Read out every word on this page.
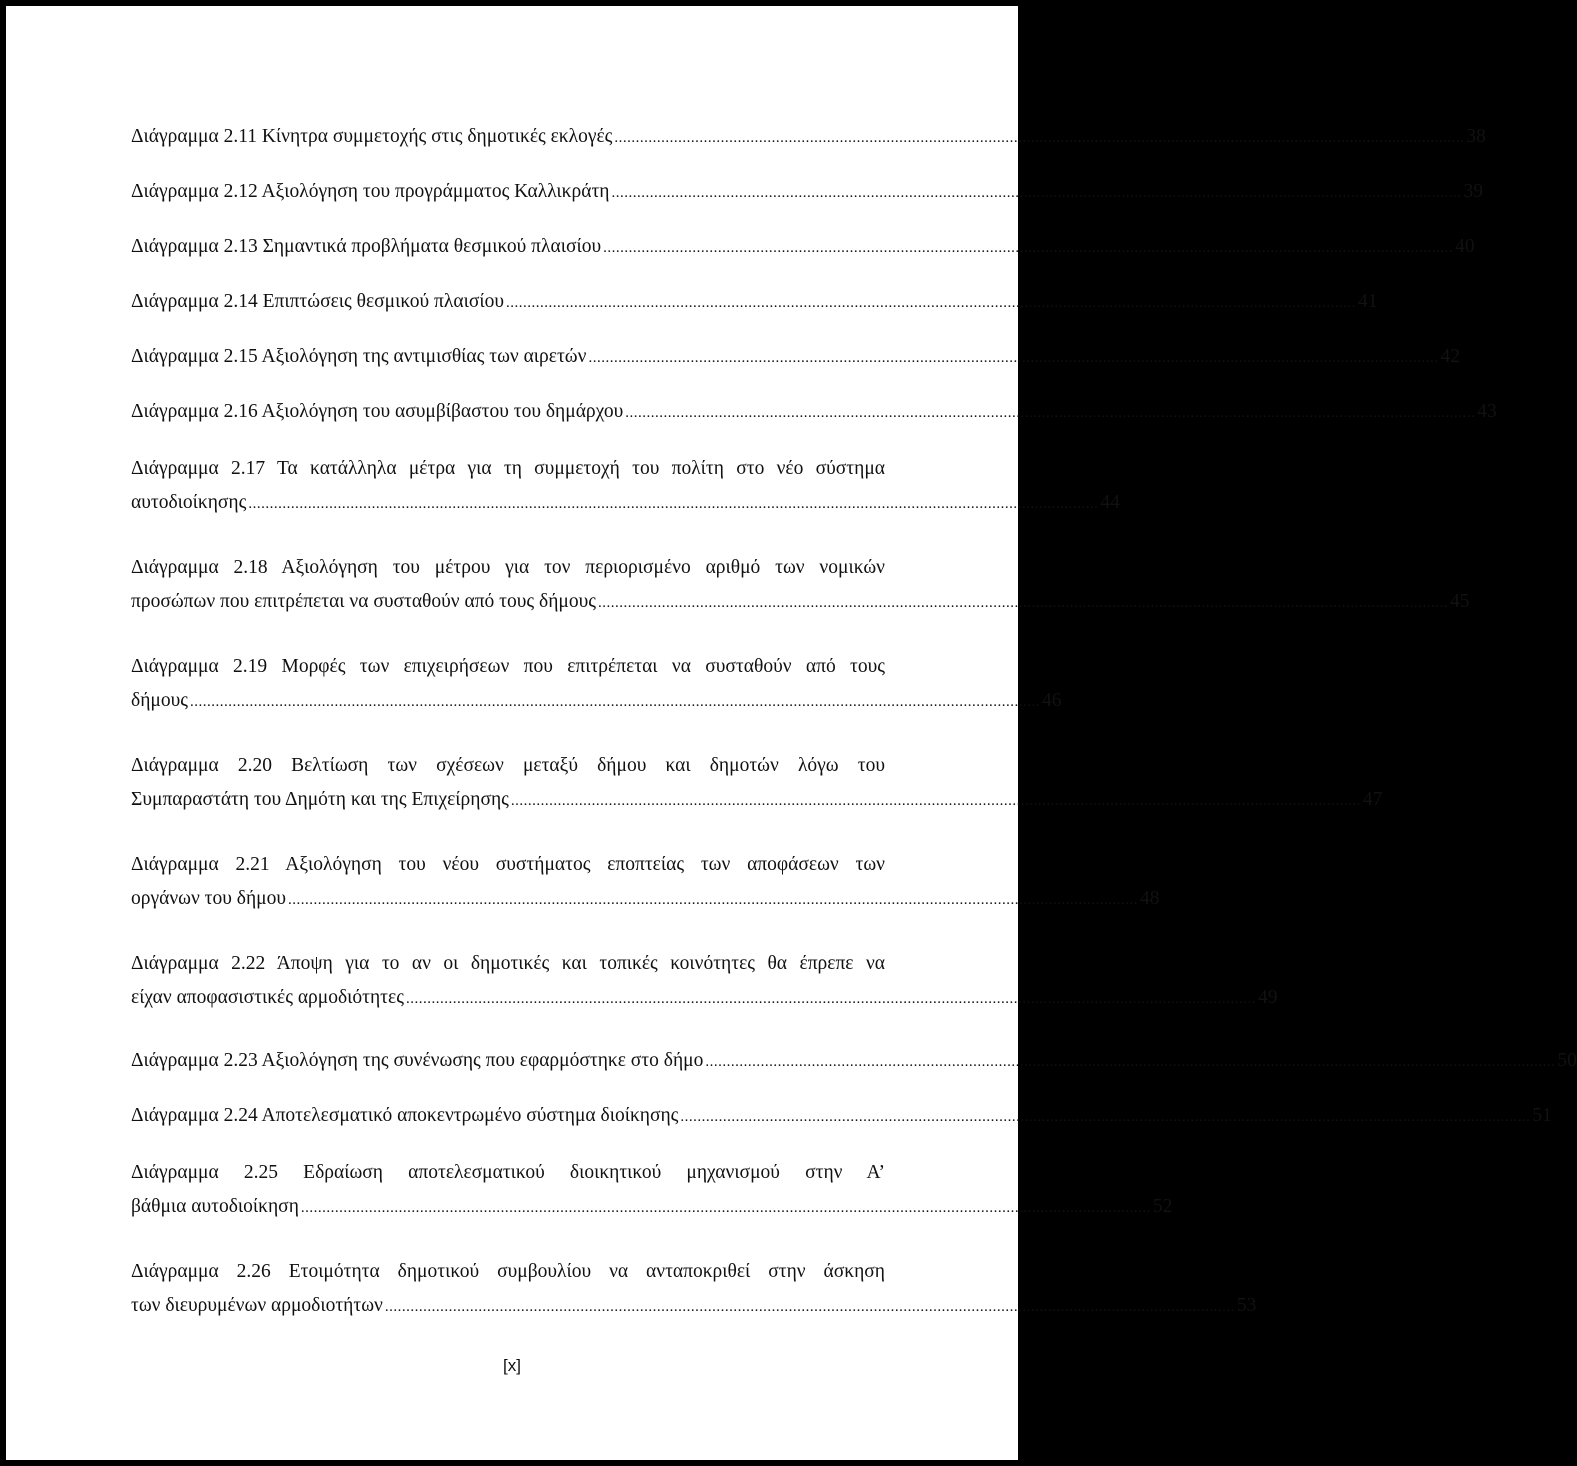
Διάγραμμα 2.11 Κίνητρα συμμετοχής στις δημοτικές εκλογές ........................................................................................................................................................................................................ 38
Διάγραμμα 2.12 Αξιολόγηση του προγράμματος Καλλικράτη ........................................................................................................................................................................................................ 39
Διάγραμμα 2.13 Σημαντικά προβλήματα θεσμικού πλαισίου ........................................................................................................................................................................................................ 40
Διάγραμμα 2.14 Επιπτώσεις θεσμικού πλαισίου ........................................................................................................................................................................................................ 41
Διάγραμμα 2.15 Αξιολόγηση της αντιμισθίας των αιρετών ........................................................................................................................................................................................................ 42
Διάγραμμα 2.16 Αξιολόγηση του ασυμβίβαστου του δημάρχου ........................................................................................................................................................................................................ 43
Διάγραμμα 2.17 Τα κατάλληλα μέτρα για τη συμμετοχή του πολίτη στο νέο σύστημα
αυτοδιοίκησης ........................................................................................................................................................................................................ 44
Διάγραμμα 2.18 Αξιολόγηση του μέτρου για τον περιορισμένο αριθμό των νομικών
προσώπων που επιτρέπεται να συσταθούν από τους δήμους ........................................................................................................................................................................................................ 45
Διάγραμμα 2.19 Μορφές των επιχειρήσεων που επιτρέπεται να συσταθούν από τους
δήμους ........................................................................................................................................................................................................ 46
Διάγραμμα 2.20 Βελτίωση των σχέσεων μεταξύ δήμου και δημοτών λόγω του
Συμπαραστάτη του Δημότη και της Επιχείρησης ........................................................................................................................................................................................................ 47
Διάγραμμα 2.21 Αξιολόγηση του νέου συστήματος εποπτείας των αποφάσεων των
οργάνων του δήμου ........................................................................................................................................................................................................ 48
Διάγραμμα 2.22 Άποψη για το αν οι δημοτικές και τοπικές κοινότητες θα έπρεπε να
είχαν αποφασιστικές αρμοδιότητες ........................................................................................................................................................................................................ 49
Διάγραμμα 2.23 Αξιολόγηση της συνένωσης που εφαρμόστηκε στο δήμο ........................................................................................................................................................................................................ 50
Διάγραμμα 2.24 Αποτελεσματικό αποκεντρωμένο σύστημα διοίκησης ........................................................................................................................................................................................................ 51
Διάγραμμα 2.25 Εδραίωση αποτελεσματικού διοικητικού μηχανισμού στην Α’
βάθμια αυτοδιοίκηση ........................................................................................................................................................................................................ 52
Διάγραμμα 2.26 Ετοιμότητα δημοτικού συμβουλίου να ανταποκριθεί στην άσκηση
των διευρυμένων αρμοδιοτήτων ........................................................................................................................................................................................................ 53
[x]
